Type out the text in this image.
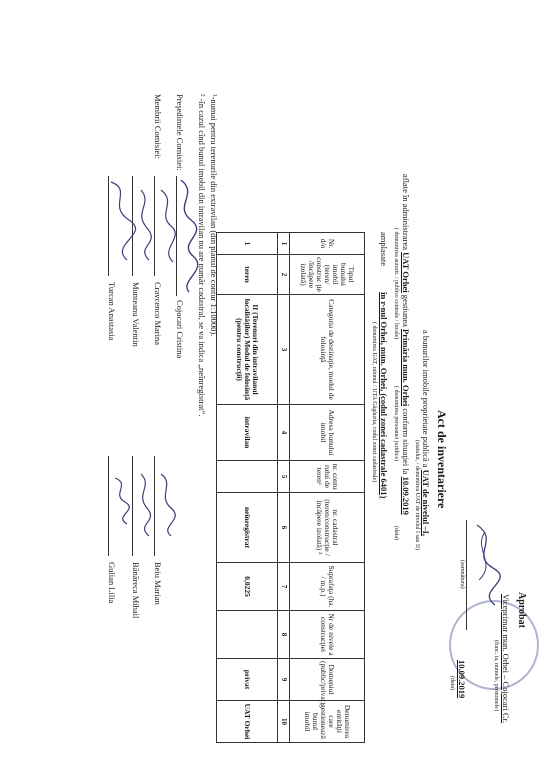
Aprobat
Viceprimar mun. Orhei – Cojocari Cr.
(func. ia, numele, prenumele)
(semnătura)
10.09.2019
(data)
Act de inventariere
a bunurilor imobile proprietate publică a UAT de nivelul –I,
(statului, / denumirea UAT de nivelul I sau II)
aflate în administrarea UAT Orhei gestiunea Primăria mun. Orhei conform situaţiei la 10.09.2019
( denumirea autorit. / publice centrale / locale)
( denumirea persoanei juridice)
(data)
amplasate în r-nul Orhei, mun. Orhei, (codul zonei cadastrale 6401)
( denumirea UAT, raionul / UTA Găgăuzia, codul zonei cadastrale)
Nr. d/o	Tipul bunului imobil (teren/ construc ţie /încăpere izolată)	Categoria de destinaţie, modul de folosinţă	Adresa bunului imobil	nr. contu rului de teren¹	nr. cadastral (teren/construcţie /încăpere izolată) ²	Suprafaţa (ha. / m.p.)	Nr de nivele a construcţiei	Domeniul (public/privat)	Denumirea entităţii care gestionează bunul imobil
1	2	3	4	5	6	7	8	9	10
1	teren	II (Terenuri din intravilanul localităţilor) Modul de folosinţă (pentru construcţii)	intravilan		neînregistrat	0,0225		privat	UAT Orhei
¹-numai pentru terenurile din extravilan (din planul de contur 1:10000).
² -în cazul cînd bunul imobil din intravilan nu are număr cadastral, se va indica „neînregistrat”.
Preşedintele Comisiei:
Cojocari Cristina
Membrii Comisiei:
Cravcenco Marina
Munteanu Valentin
Turcan Anastasia
Beiu Marian
Bănăreca Mihail
Gulian Lilia
